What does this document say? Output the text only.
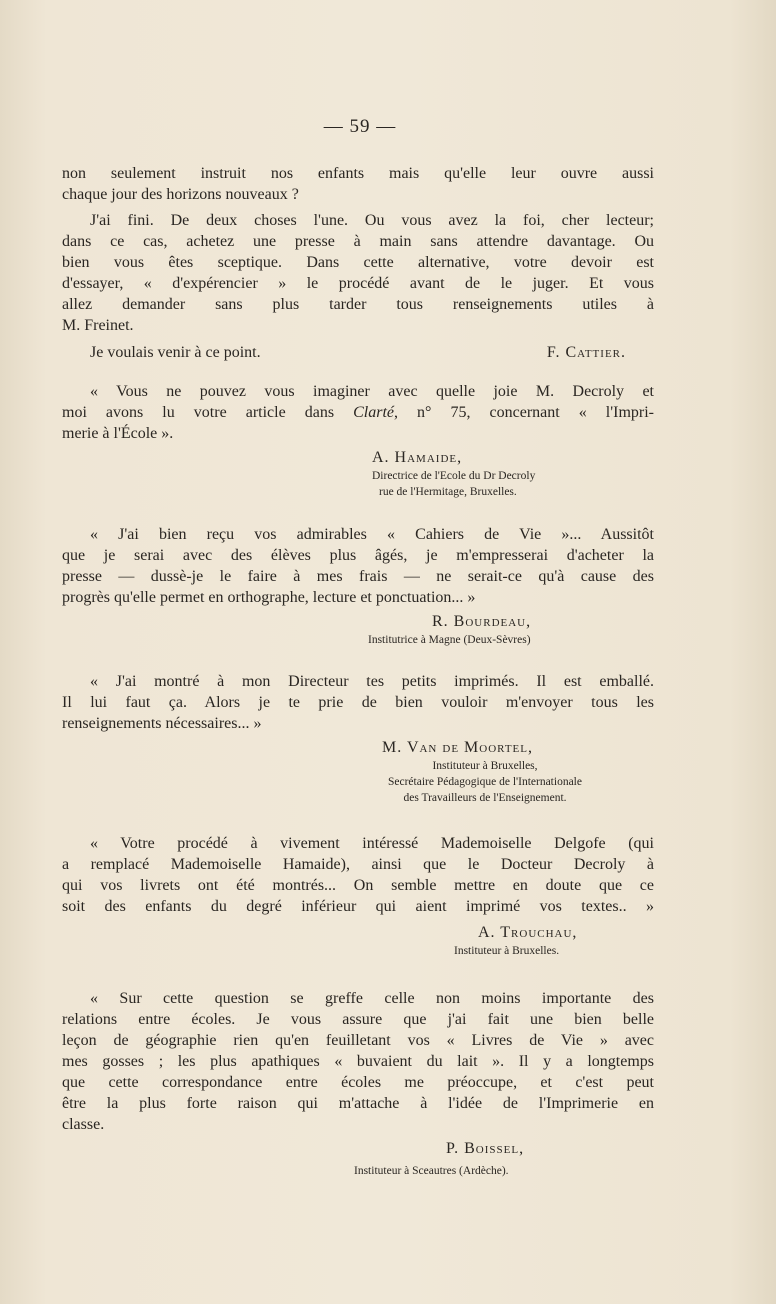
— 59 —

non seulement instruit nos enfants mais qu'elle leur ouvre aussi

chaque jour des horizons nouveaux ?

J'ai fini. De deux choses l'une. Ou vous avez la foi, cher lecteur;

dans ce cas, achetez une presse à main sans attendre davantage. Ou

bien vous êtes sceptique. Dans cette alternative, votre devoir est

d'essayer, « d'expérencier » le procédé avant de le juger. Et vous

allez demander sans plus tarder tous renseignements utiles à

M. Freinet.

Je voulais venir à ce point.	F. Cattier.

« Vous ne pouvez vous imaginer avec quelle joie M. Decroly et

moi avons lu votre article dans Clarté, n° 75, concernant « l'Impri-

merie à l'École ».

A. Hamaide,

Directrice de l'Ecole du Dr Decroly

rue de l'Hermitage, Bruxelles.

« J'ai bien reçu vos admirables « Cahiers de Vie »... Aussitôt

que je serai avec des élèves plus âgés, je m'empresserai d'acheter la

presse — dussè-je le faire à mes frais — ne serait-ce qu'à cause des

progrès qu'elle permet en orthographe, lecture et ponctuation... »

R. Bourdeau,

Institutrice à Magne (Deux-Sèvres)

« J'ai montré à mon Directeur tes petits imprimés. Il est emballé.

Il lui faut ça. Alors je te prie de bien vouloir m'envoyer tous les

renseignements nécessaires... »

M. Van de Moortel,

Instituteur à Bruxelles,

Secrétaire Pédagogique de l'Internationale

des Travailleurs de l'Enseignement.

« Votre procédé à vivement intéressé Mademoiselle Delgofe (qui

a remplacé Mademoiselle Hamaide), ainsi que le Docteur Decroly à

qui vos livrets ont été montrés... On semble mettre en doute que ce

soit des enfants du degré inférieur qui aient imprimé vos textes.. »

A. Trouchau,

Instituteur à Bruxelles.

« Sur cette question se greffe celle non moins importante des

relations entre écoles. Je vous assure que j'ai fait une bien belle

leçon de géographie rien qu'en feuilletant vos « Livres de Vie » avec

mes gosses ; les plus apathiques « buvaient du lait ». Il y a longtemps

que cette correspondance entre écoles me préoccupe, et c'est peut

être la plus forte raison qui m'attache à l'idée de l'Imprimerie en

classe.

P. Boissel,

Instituteur à Sceautres (Ardèche).
